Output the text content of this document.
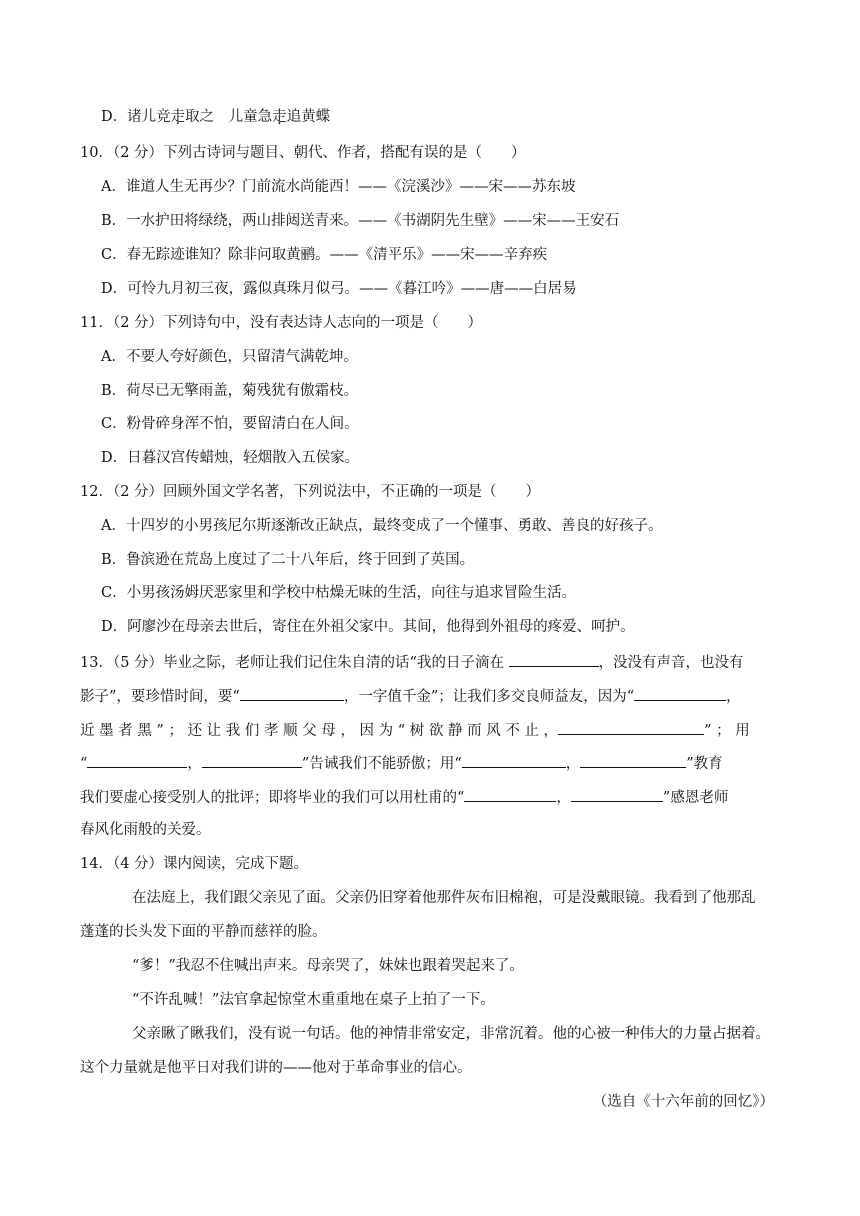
D．诸儿竞走取之　儿童急走追黄蝶
10．（2 分）下列古诗词与题目、朝代、作者，搭配有误的是（　　）
A．谁道人生无再少？门前流水尚能西！——《浣溪沙》——宋——苏东坡
B．一水护田将绿绕，两山排闼送青来。——《书湖阴先生壁》——宋——王安石
C．春无踪迹谁知？除非问取黄鹂。——《清平乐》——宋——辛弃疾
D．可怜九月初三夜，露似真珠月似弓。——《暮江吟》——唐——白居易
11．（2 分）下列诗句中，没有表达诗人志向的一项是（　　）
A．不要人夸好颜色，只留清气满乾坤。
B．荷尽已无擎雨盖，菊残犹有傲霜枝。
C．粉骨碎身浑不怕，要留清白在人间。
D．日暮汉宫传蜡烛，轻烟散入五侯家。
12．（2 分）回顾外国文学名著，下列说法中，不正确的一项是（　　）
A．十四岁的小男孩尼尔斯逐渐改正缺点，最终变成了一个懂事、勇敢、善良的好孩子。
B．鲁滨逊在荒岛上度过了二十八年后，终于回到了英国。
C．小男孩汤姆厌恶家里和学校中枯燥无味的生活，向往与追求冒险生活。
D．阿廖沙在母亲去世后，寄住在外祖父家中。其间，他得到外祖母的疼爱、呵护。
13．（5 分）毕业之际，老师让我们记住朱自清的话“我的日子滴在	，没没有声音，也没有
影子”，要珍惜时间，要“	，一字值千金”；让我们多交良师益友，因为“	，
近 墨 者 黑 ” ； 还 让 我 们 孝 顺 父 母 ， 因 为 “ 树 欲 静 而 风 不 止 ，	” ； 用
“	，	”告诫我们不能骄傲；用“	，	”教育
我们要虚心接受别人的批评；即将毕业的我们可以用杜甫的“	，	”感恩老师
春风化雨般的关爱。
14．（4 分）课内阅读，完成下题。
在法庭上，我们跟父亲见了面。父亲仍旧穿着他那件灰布旧棉袍，可是没戴眼镜。我看到了他那乱
蓬蓬的长头发下面的平静而慈祥的脸。
“爹！”我忍不住喊出声来。母亲哭了，妹妹也跟着哭起来了。
“不许乱喊！”法官拿起惊堂木重重地在桌子上拍了一下。
父亲瞅了瞅我们，没有说一句话。他的神情非常安定，非常沉着。他的心被一种伟大的力量占据着。
这个力量就是他平日对我们讲的——他对于革命事业的信心。
（选自《十六年前的回忆》）
